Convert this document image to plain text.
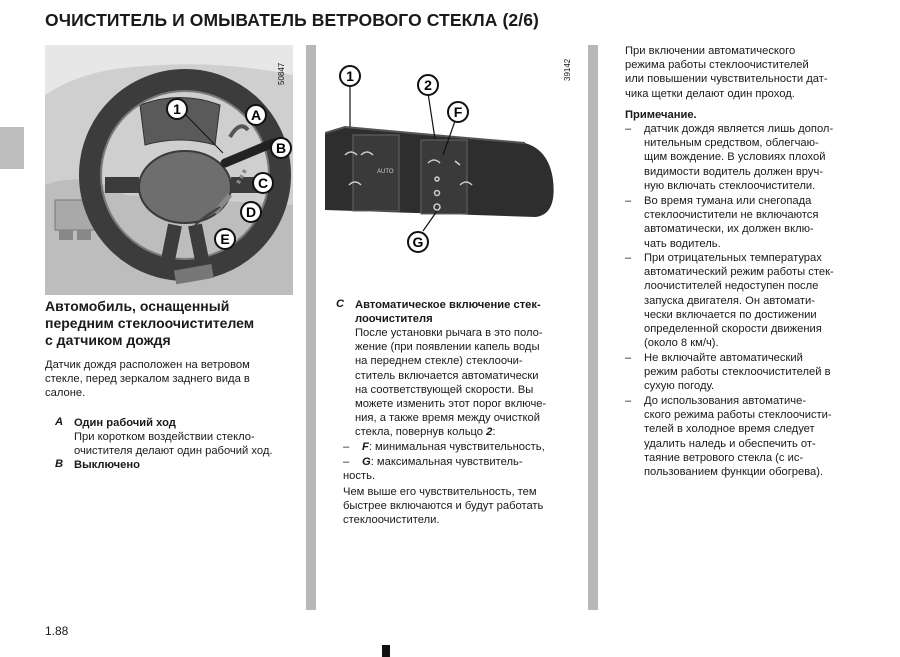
ОЧИСТИТЕЛЬ И ОМЫВАТЕЛЬ ВЕТРОВОГО СТЕКЛА (2/6)
1	A
B
C
D
E
50847
AUTO
1
2
F
G
39142
Автомобиль, оснащенный
передним стеклоочистителем
с датчиком дождя
Датчик дождя расположен на ветровом
стекле, перед зеркалом заднего вида в
салоне.
A Один рабочий ход
При коротком воздействии стекло-
очистителя делают один рабочий ход.
B Выключено
1.88
C Автоматическое включение стек-
лоочистителя
После установки рычага в это поло-
жение (при появлении капель воды
на переднем стекле) стеклоочи-
ститель включается автоматически
на соответствующей скорости. Вы
можете изменить этот порог включе-
ния, а также время между очисткой
стекла, повернув кольцо 2:
– F: минимальная чувствительность,
– G: максимальная чувствитель-
ность.
Чем выше его чувствительность, тем
быстрее включаются и будут работать
стеклоочистители.
При включении автоматического
режима работы стеклоочистителей
или повышении чувствительности дат-
чика щетки делают один проход.
Примечание.
– датчик дождя является лишь допол-
нительным средством, облегчаю-
щим вождение. В условиях плохой
видимости водитель должен вруч-
ную включать стеклоочистители.
– Во время тумана или снегопада
стеклоочистители не включаются
автоматически, их должен вклю-
чать водитель.
– При отрицательных температурах
автоматический режим работы стек-
лоочистителей недоступен после
запуска двигателя. Он автомати-
чески включается по достижении
определенной скорости движения
(около 8 км/ч).
– Не включайте автоматический
режим работы стеклоочистителей в
сухую погоду.
– До использования автоматиче-
ского режима работы стеклоочисти-
телей в холодное время следует
удалить наледь и обеспечить от-
таяние ветрового стекла (с ис-
пользованием функции обогрева).
